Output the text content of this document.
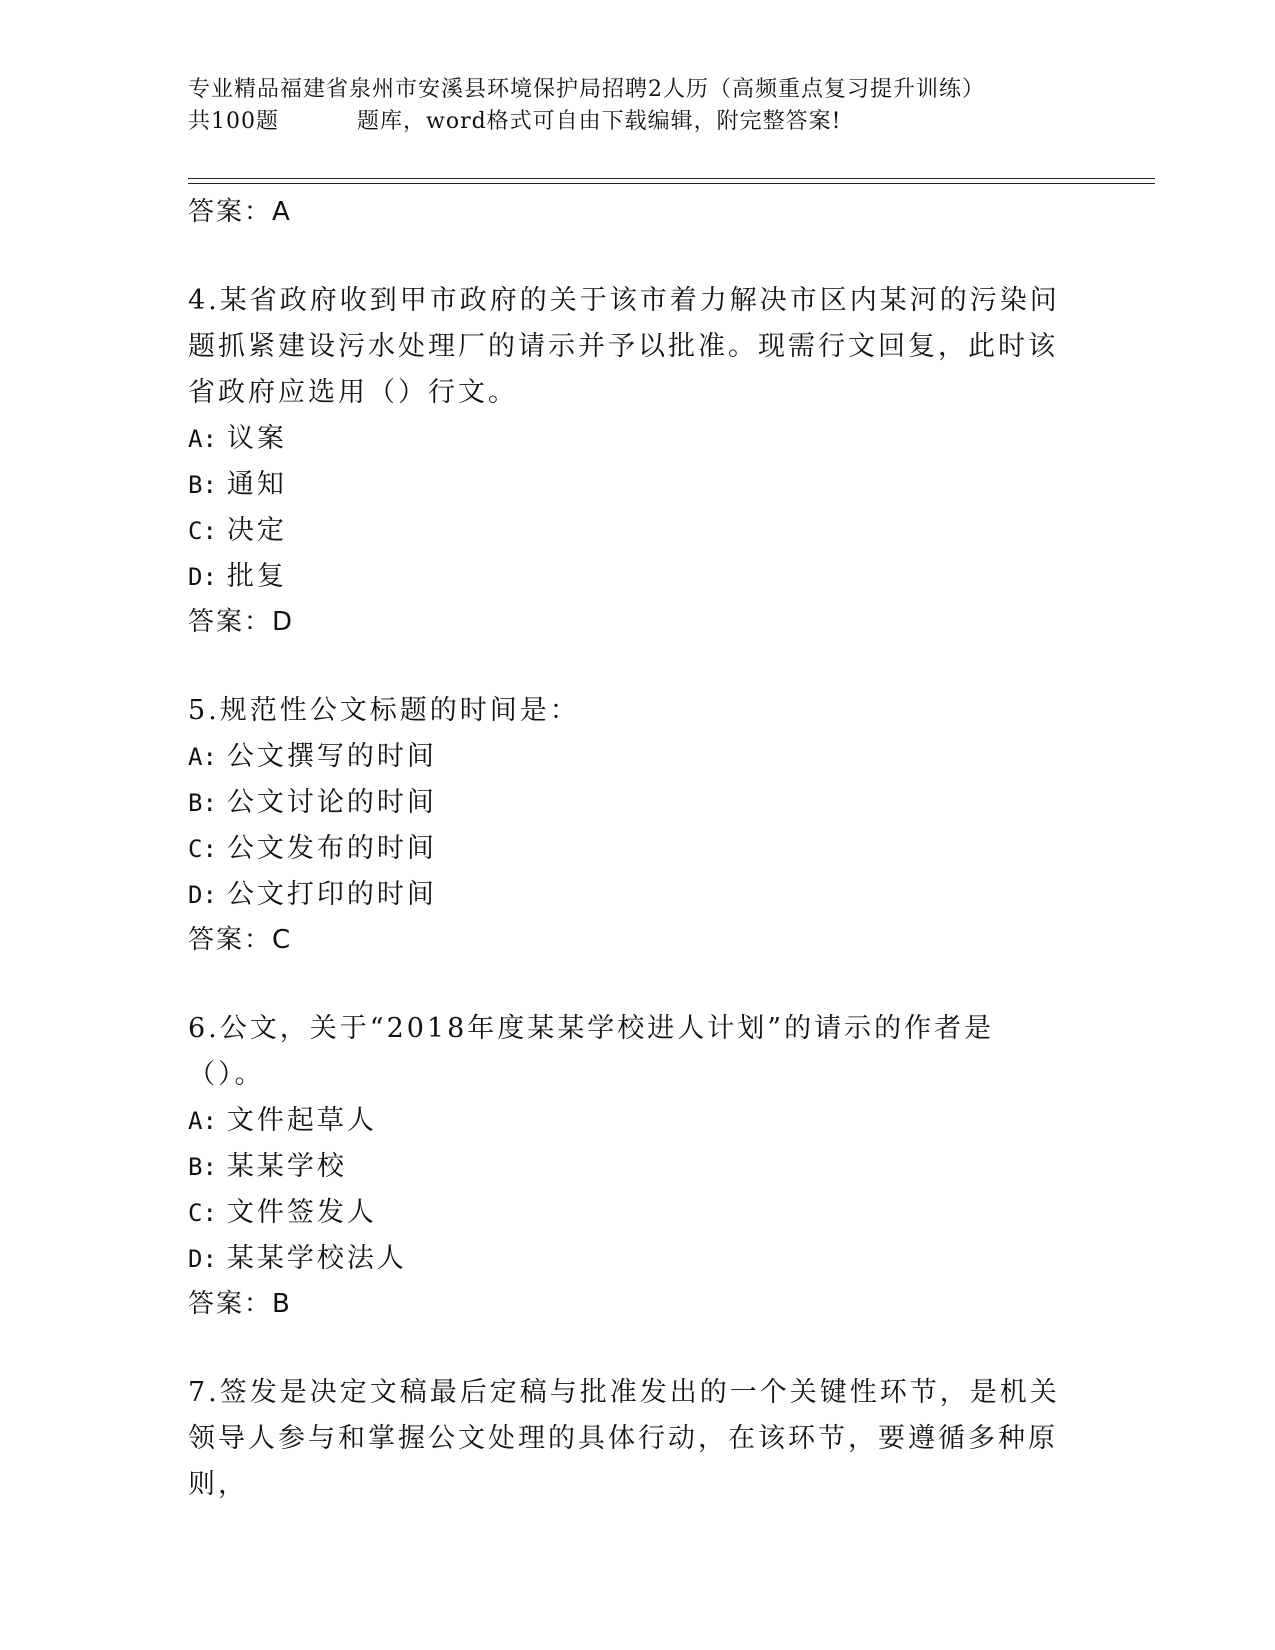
专业精品福建省泉州市安溪县环境保护局招聘2人历（高频重点复习提升训练）
共100题	题库，word格式可自由下载编辑，附完整答案!

答案：A

4.某省政府收到甲市政府的关于该市着力解决市区内某河的污染问题抓紧建设污水处理厂的请示并予以批准。现需行文回复，此时该省政府应选用（）行文。

A: 议案

B: 通知

C: 决定

D: 批复

答案：D

5.规范性公文标题的时间是：

A: 公文撰写的时间

B: 公文讨论的时间

C: 公文发布的时间

D: 公文打印的时间

答案：C

6.公文，关于“2018年度某某学校进人计划”的请示的作者是（）。

A: 文件起草人

B: 某某学校

C: 文件签发人

D: 某某学校法人

答案：B

7.签发是决定文稿最后定稿与批准发出的一个关键性环节，是机关领导人参与和掌握公文处理的具体行动，在该环节，要遵循多种原则，
